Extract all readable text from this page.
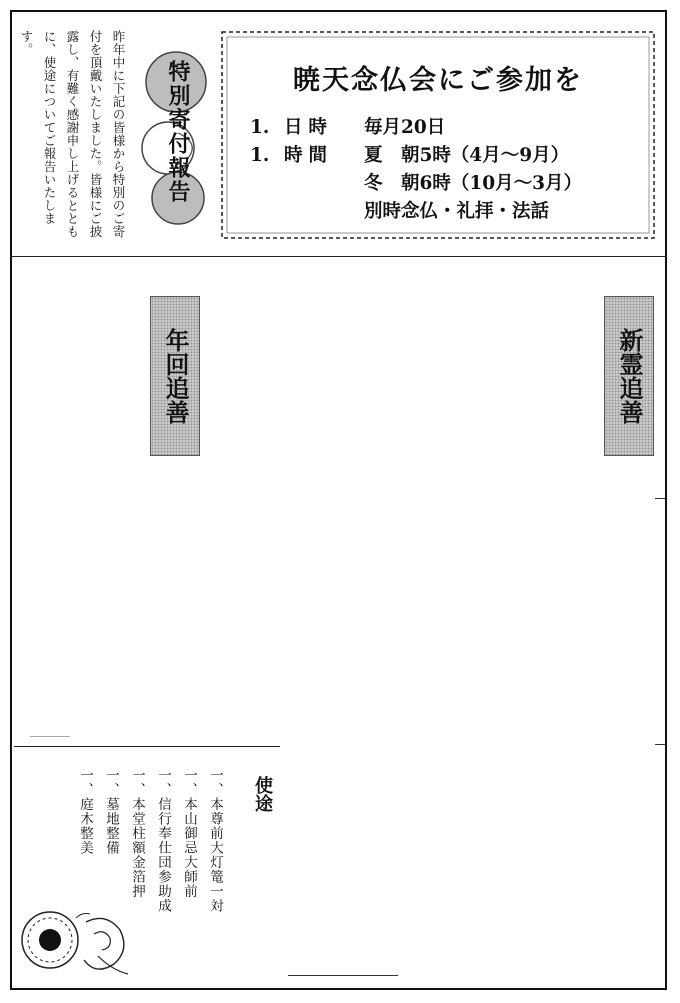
昨年中に下記の皆様から特別のご寄付を頂戴いたしました。皆様にご披露し、有難く感謝申し上げるとともに、使途についてご報告いたします。
特別寄付報告	暁天念仏会にご参加を
1. 日時	毎月20日
1. 時間	夏　朝5時（4月～9月）
冬　朝6時（10月～3月）
別時念仏・礼拝・法話
年回追善	新霊追善
使途
一、本尊前大灯篭一対
一、本山御忌大師前
一、信行奉仕団参助成
一、本堂柱額金箔押
一、墓地整備
一、庭木整美
